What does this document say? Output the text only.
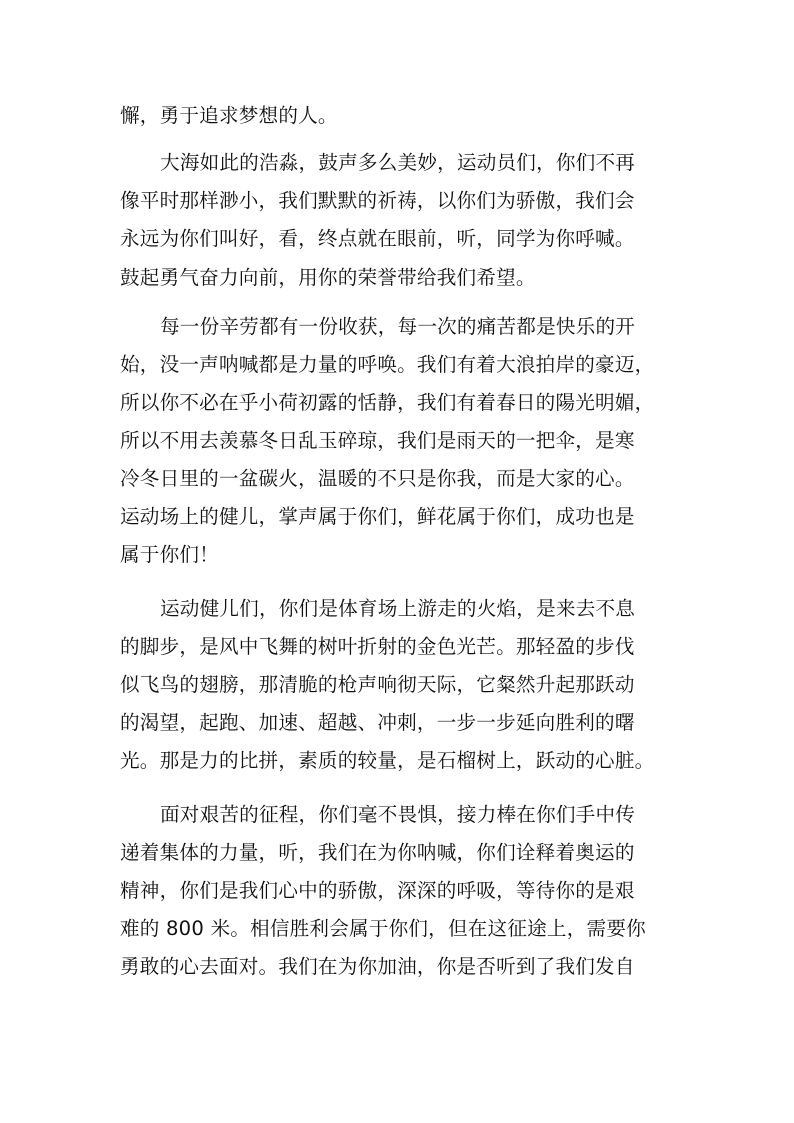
懈，勇于追求梦想的人。
大海如此的浩淼，鼓声多么美妙，运动员们，你们不再
像平时那样渺小，我们默默的祈祷，以你们为骄傲，我们会
永远为你们叫好，看，终点就在眼前，听，同学为你呼喊。
鼓起勇气奋力向前，用你的荣誉带给我们希望。
每一份辛劳都有一份收获，每一次的痛苦都是快乐的开
始，没一声呐喊都是力量的呼唤。我们有着大浪拍岸的豪迈，
所以你不必在乎小荷初露的恬静，我们有着春日的陽光明媚，
所以不用去羡慕冬日乱玉碎琼，我们是雨天的一把伞，是寒
冷冬日里的一盆碳火，温暖的不只是你我，而是大家的心。
运动场上的健儿，掌声属于你们，鲜花属于你们，成功也是
属于你们！
运动健儿们，你们是体育场上游走的火焰，是来去不息
的脚步，是风中飞舞的树叶折射的金色光芒。那轻盈的步伐
似飞鸟的翅膀，那清脆的枪声响彻天际，它粲然升起那跃动
的渴望，起跑、加速、超越、冲刺，一步一步延向胜利的曙
光。那是力的比拼，素质的较量，是石榴树上，跃动的心脏。
面对艰苦的征程，你们毫不畏惧，接力棒在你们手中传
递着集体的力量，听，我们在为你呐喊，你们诠释着奥运的
精神，你们是我们心中的骄傲，深深的呼吸，等待你的是艰
难的 800 米。相信胜利会属于你们，但在这征途上，需要你
勇敢的心去面对。我们在为你加油，你是否听到了我们发自
